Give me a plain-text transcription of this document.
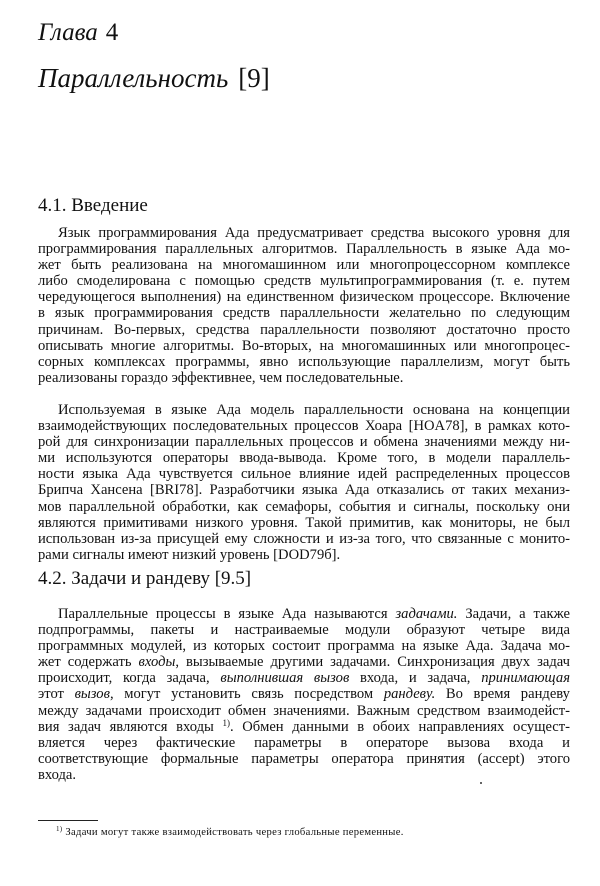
Глава 4
Параллельность [9]
4.1. Введение
Язык программирования Ада предусматривает средства высокого уровня для
программирования параллельных алгоритмов. Параллельность в языке Ада мо-
жет быть реализована на многомашинном или многопроцессорном комплексе
либо смоделирована с помощью средств мультипрограммирования (т. е. путем
чередующегося выполнения) на единственном физическом процессоре. Включение
в язык программирования средств параллельности желательно по следующим
причинам. Во-первых, средства параллельности позволяют достаточно просто
описывать многие алгоритмы. Во-вторых, на многомашинных или многопроцес-
сорных комплексах программы, явно использующие параллелизм, могут быть
реализованы гораздо эффективнее, чем последовательные.
Используемая в языке Ада модель параллельности основана на концепции
взаимодействующих последовательных процессов Хоара [HOA78], в рамках кото-
рой для синхронизации параллельных процессов и обмена значениями между ни-
ми используются операторы ввода-вывода. Кроме того, в модели параллель-
ности языка Ада чувствуется сильное влияние идей распределенных процессов
Брипча Хансена [BRI78]. Разработчики языка Ада отказались от таких механиз-
мов параллельной обработки, как семафоры, события и сигналы, поскольку они
являются примитивами низкого уровня. Такой примитив, как мониторы, не был
использован из-за присущей ему сложности и из-за того, что связанные с монито-
рами сигналы имеют низкий уровень [DOD79б].
4.2. Задачи и рандеву [9.5]
Параллельные процессы в языке Ада называются задачами. Задачи, а также
подпрограммы, пакеты и настраиваемые модули образуют четыре вида
программных модулей, из которых состоит программа на языке Ада. Задача мо-
жет содержать входы, вызываемые другими задачами. Синхронизация двух задач
происходит, когда задача, выполнившая вызов входа, и задача, принимающая
этот вызов, могут установить связь посредством рандеву. Во время рандеву
между задачами происходит обмен значениями. Важным средством взаимодейст-
вия задач являются входы $^{1)}$. Обмен данными в обоих направлениях осущест-
вляется через фактические параметры в операторе вызова входа и
соответствующие формальные параметры оператора принятия (accept) этого
входа.
$^{1)}$ Задачи могут также взаимодействовать через глобальные переменные.
